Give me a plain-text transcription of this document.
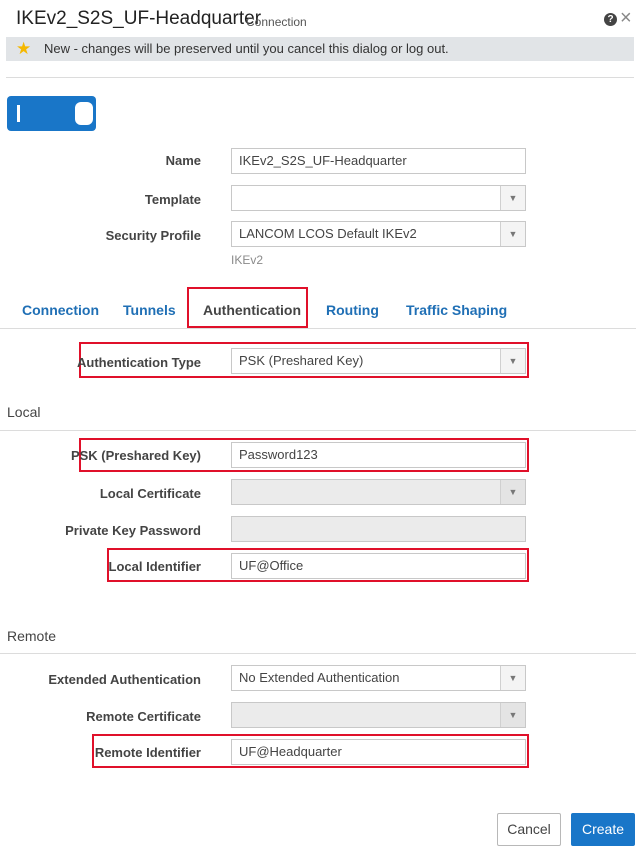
IKEv2_S2S_UF-Headquarter
Connection	? ×
★ New - changes will be preserved until you cancel this dialog or log out.
Name	IKEv2_S2S_UF-Headquarter
Template	▼
Security Profile	LANCOM LCOS Default IKEv2	▼
IKEv2
Connection Tunnels Authentication Routing Traffic Shaping
Authentication Type	PSK (Preshared Key)	▼
Local
PSK (Preshared Key)	Password123
Local Certificate	▼
Private Key Password
Local Identifier	UF@Office
Remote
Extended Authentication	No Extended Authentication	▼
Remote Certificate	▼
Remote Identifier	UF@Headquarter
Cancel	Create
